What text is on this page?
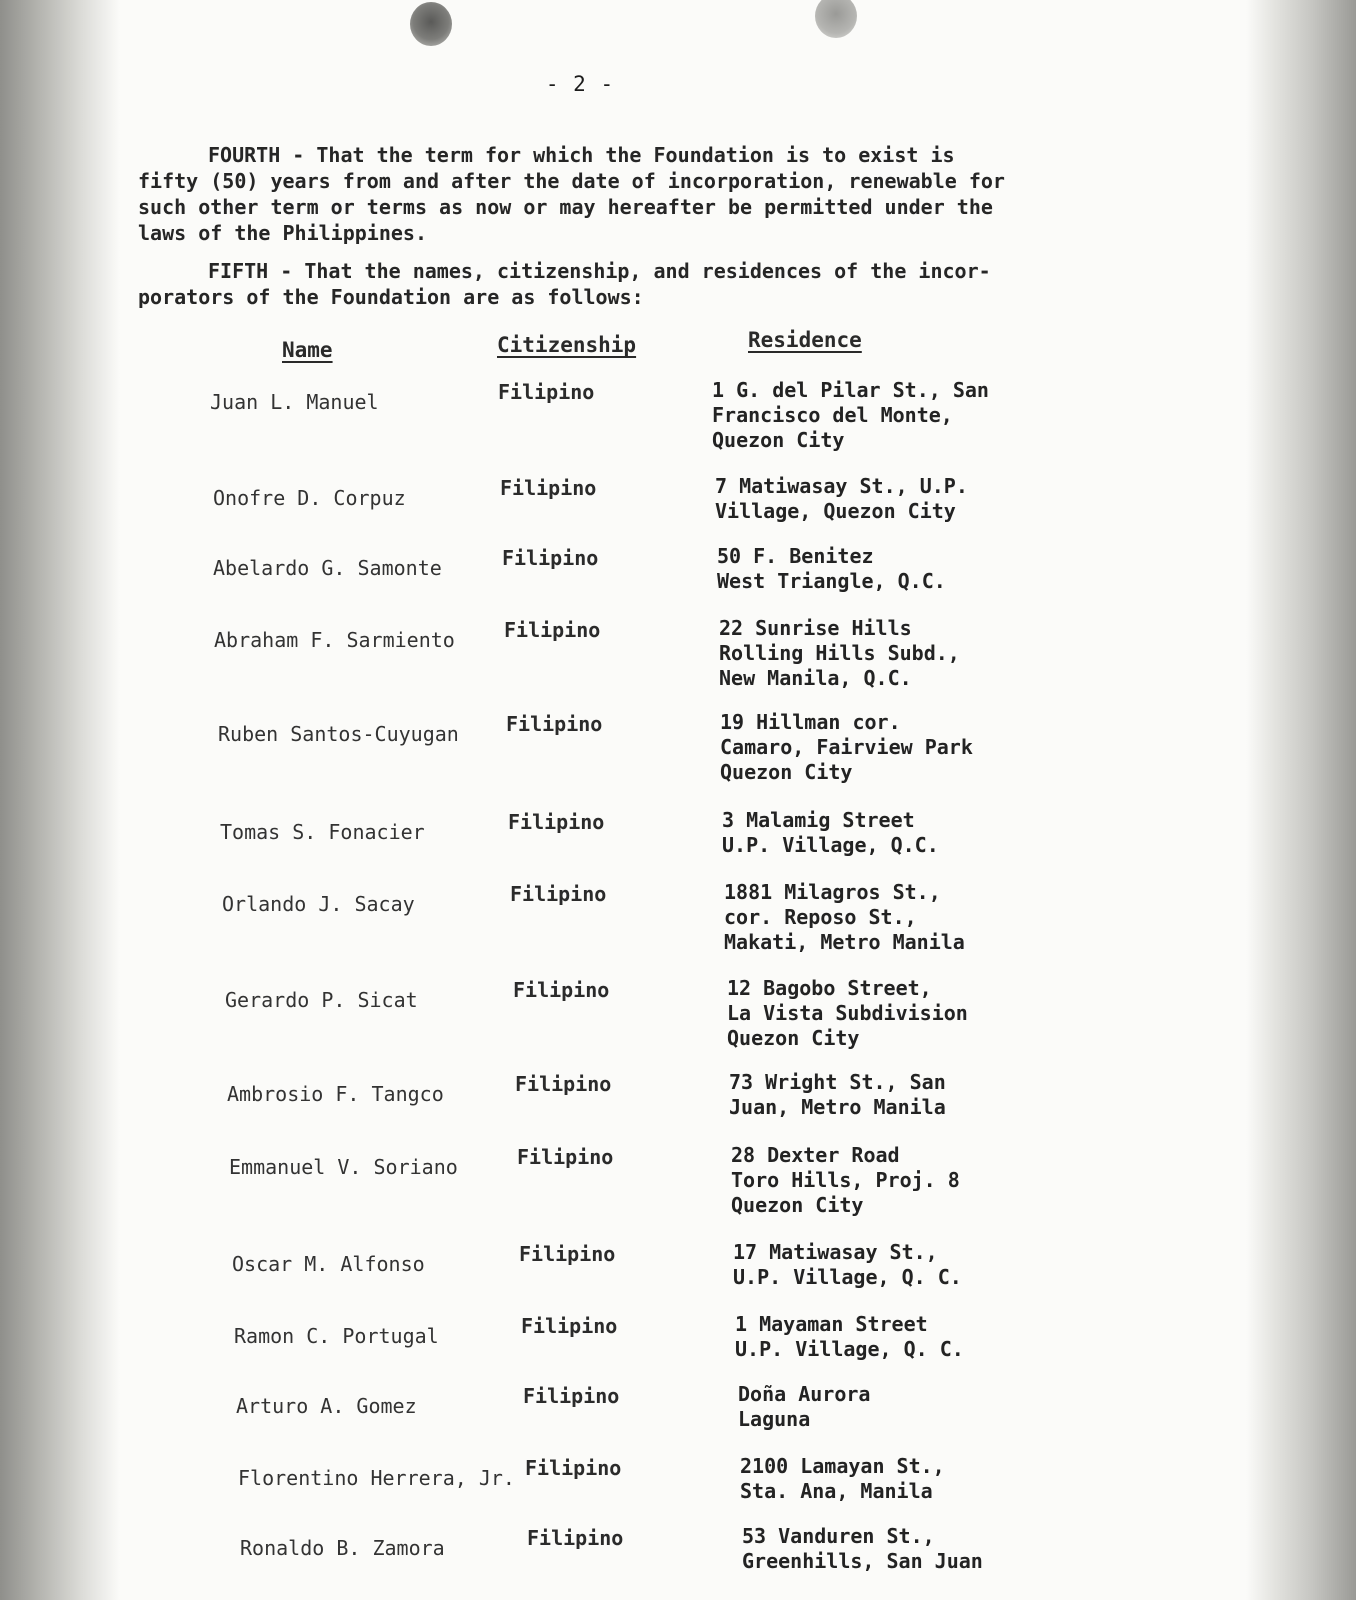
- 2 -

FOURTH - That the term for which the Foundation is to exist is

fifty (50) years from and after the date of incorporation, renewable for

such other term or terms as now or may hereafter be permitted under the

laws of the Philippines.

FIFTH - That the names, citizenship, and residences of the incor-

porators of the Foundation are as follows:

Name	Citizenship	Residence
Juan L. Manuel	Filipino	1 G. del Pilar St., San
Francisco del Monte,
Quezon City
Onofre D. Corpuz	Filipino	7 Matiwasay St., U.P.
Village, Quezon City
Abelardo G. Samonte	Filipino	50 F. Benitez
West Triangle, Q.C.
Abraham F. Sarmiento Filipino	22 Sunrise Hills
Rolling Hills Subd.,
New Manila, Q.C.
Ruben Santos-Cuyugan Filipino	19 Hillman cor.
Camaro, Fairview Park
Quezon City
Tomas S. Fonacier	Filipino	3 Malamig Street
U.P. Village, Q.C.
Orlando J. Sacay	Filipino	1881 Milagros St.,
cor. Reposo St.,
Makati, Metro Manila
Gerardo P. Sicat	Filipino	12 Bagobo Street,
La Vista Subdivision
Quezon City
Ambrosio F. Tangco	Filipino	73 Wright St., San
Juan, Metro Manila
Emmanuel V. Soriano	Filipino	28 Dexter Road
Toro Hills, Proj. 8
Quezon City
Oscar M. Alfonso	Filipino	17 Matiwasay St.,
U.P. Village, Q. C.
Ramon C. Portugal	Filipino	1 Mayaman Street
U.P. Village, Q. C.
Arturo A. Gomez	Filipino	Doña Aurora
Laguna
Florentino Herrera, Jr. Filipino	2100 Lamayan St.,
Sta. Ana, Manila
Ronaldo B. Zamora	Filipino	53 Vanduren St.,
Greenhills, San Juan
